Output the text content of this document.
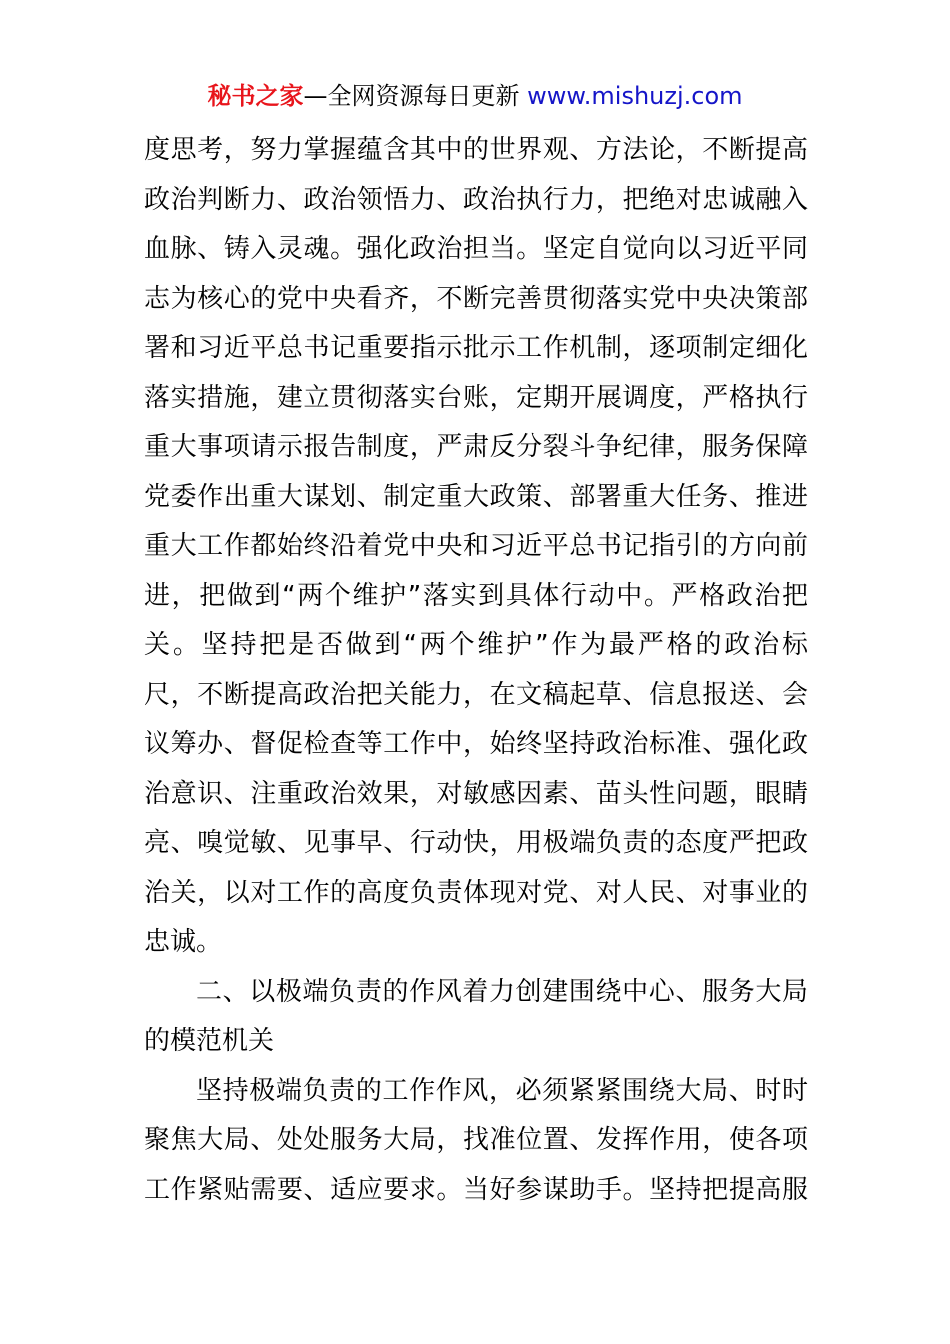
秘书之家—全网资源每日更新 www.mishuzj.com
度思考，努力掌握蕴含其中的世界观、方法论，不断提高
政治判断力、政治领悟力、政治执行力，把绝对忠诚融入
血脉、铸入灵魂。强化政治担当。坚定自觉向以习近平同
志为核心的党中央看齐，不断完善贯彻落实党中央决策部
署和习近平总书记重要指示批示工作机制，逐项制定细化
落实措施，建立贯彻落实台账，定期开展调度，严格执行
重大事项请示报告制度，严肃反分裂斗争纪律，服务保障
党委作出重大谋划、制定重大政策、部署重大任务、推进
重大工作都始终沿着党中央和习近平总书记指引的方向前
进，把做到“两个维护”落实到具体行动中。严格政治把
关。坚持把是否做到“两个维护”作为最严格的政治标
尺，不断提高政治把关能力，在文稿起草、信息报送、会
议筹办、督促检查等工作中，始终坚持政治标准、强化政
治意识、注重政治效果，对敏感因素、苗头性问题，眼睛
亮、嗅觉敏、见事早、行动快，用极端负责的态度严把政
治关，以对工作的高度负责体现对党、对人民、对事业的
忠诚。
二、以极端负责的作风着力创建围绕中心、服务大局
的模范机关
坚持极端负责的工作作风，必须紧紧围绕大局、时时
聚焦大局、处处服务大局，找准位置、发挥作用，使各项
工作紧贴需要、适应要求。当好参谋助手。坚持把提高服
